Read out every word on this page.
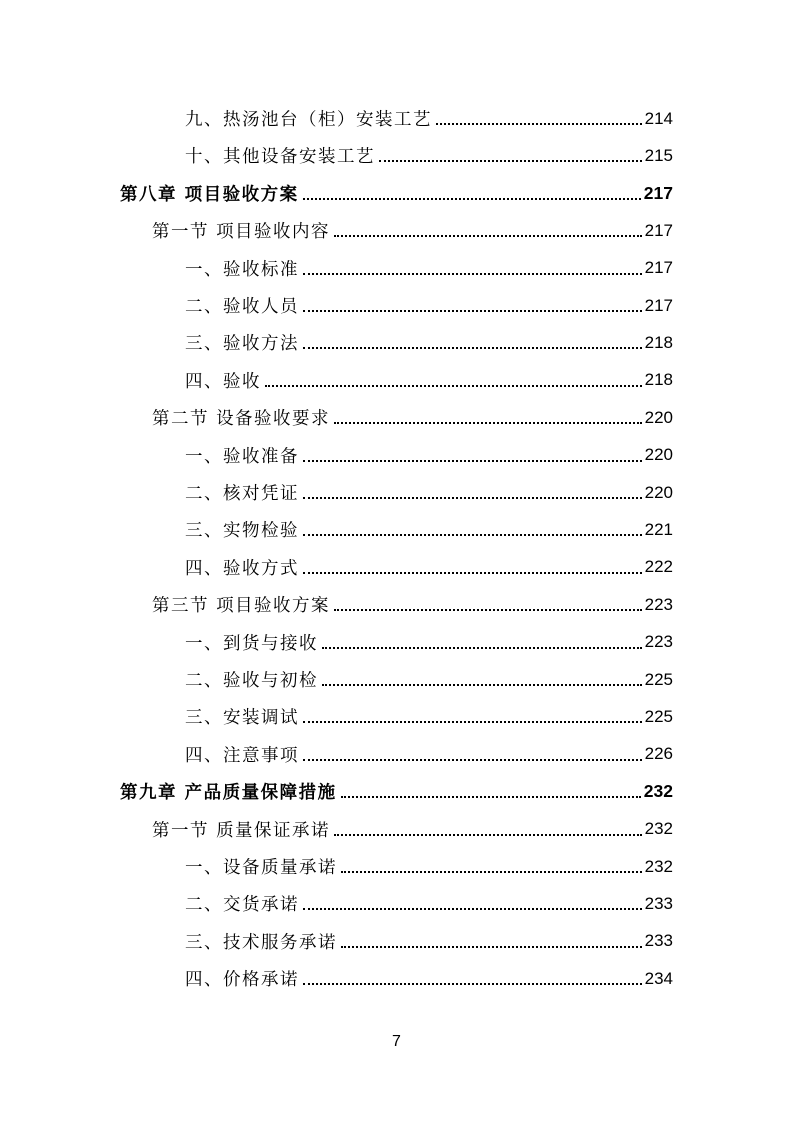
九、热汤池台（柜）安装工艺	214
十、其他设备安装工艺	215
第八章 项目验收方案	217
第一节 项目验收内容	217
一、验收标准	217
二、验收人员	217
三、验收方法	218
四、验收	218
第二节 设备验收要求	220
一、验收准备	220
二、核对凭证	220
三、实物检验	221
四、验收方式	222
第三节 项目验收方案	223
一、到货与接收	223
二、验收与初检	225
三、安装调试	225
四、注意事项	226
第九章 产品质量保障措施	232
第一节 质量保证承诺	232
一、设备质量承诺	232
二、交货承诺	233
三、技术服务承诺	233
四、价格承诺	234
7
